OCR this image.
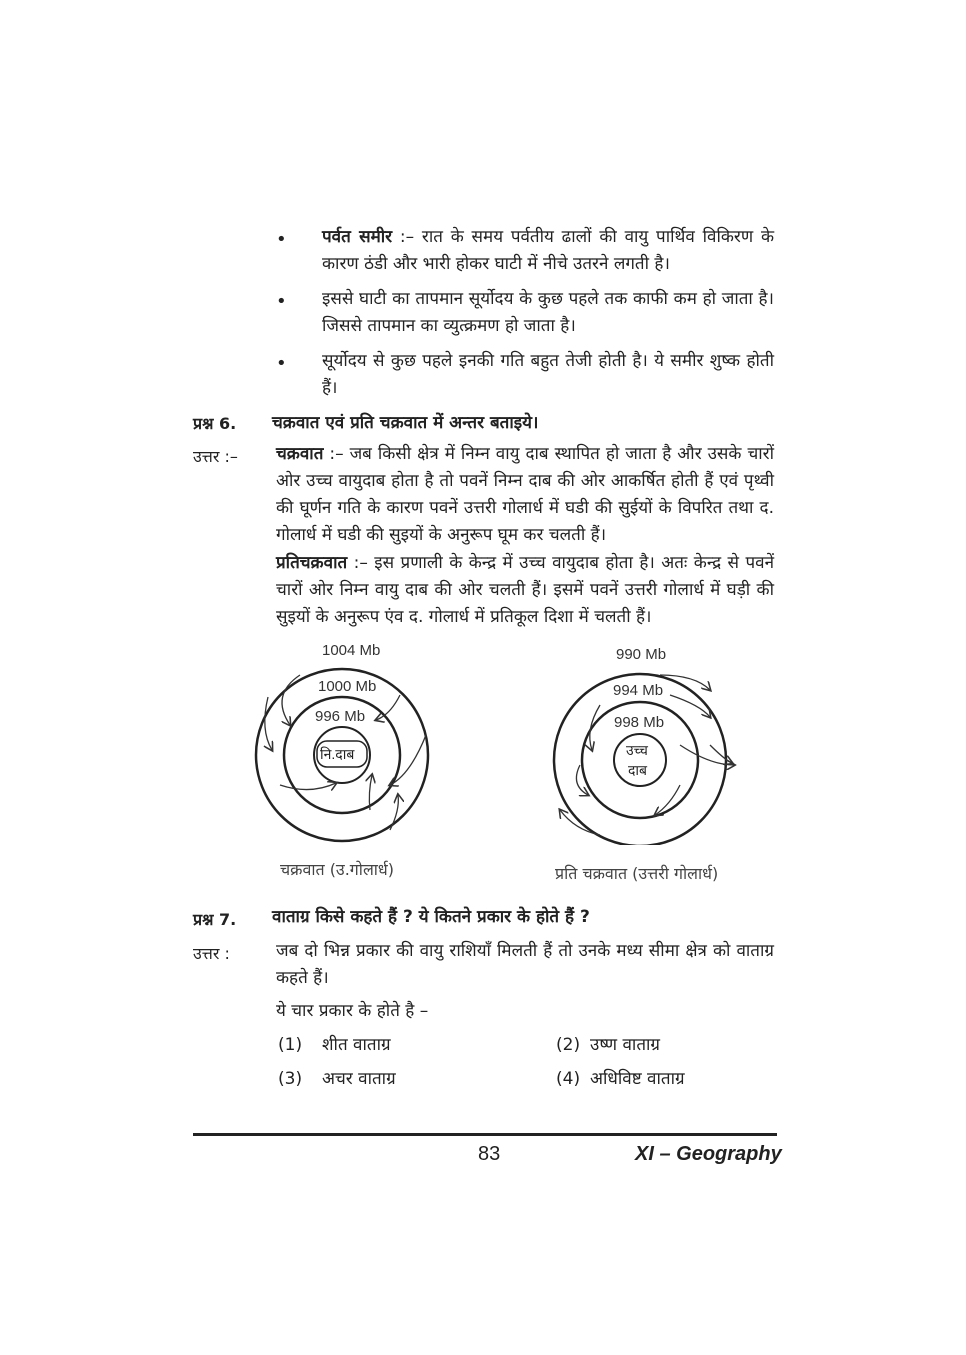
• पर्वत समीर :– रात के समय पर्वतीय ढालों की वायु पार्थिव विकिरण के कारण ठंडी और भारी होकर घाटी में नीचे उतरने लगती है।
• इससे घाटी का तापमान सूर्योदय के कुछ पहले तक काफी कम हो जाता है। जिससे तापमान का व्युत्क्रमण हो जाता है।
• सूर्योदय से कुछ पहले इनकी गति बहुत तेजी होती है। ये समीर शुष्क होती हैं।
प्रश्न 6. चक्रवात एवं प्रति चक्रवात में अन्तर बताइये।
उत्तर :– चक्रवात :– जब किसी क्षेत्र में निम्न वायु दाब स्थापित हो जाता है और उसके चारों ओर उच्च वायुदाब होता है तो पवनें निम्न दाब की ओर आकर्षित होती हैं एवं पृथ्वी की घूर्णन गति के कारण पवनें उत्तरी गोलार्ध में घडी की सुईयों के विपरित तथा द. गोलार्ध में घडी की सुइयों के अनुरूप घूम कर चलती हैं।
प्रतिचक्रवात :– इस प्रणाली के केन्द्र में उच्च वायुदाब होता है। अतः केन्द्र से पवनें चारों ओर निम्न वायु दाब की ओर चलती हैं। इसमें पवनें उत्तरी गोलार्ध में घड़ी की सुइयों के अनुरूप एंव द. गोलार्ध में प्रतिकूल दिशा में चलती हैं।
1004 Mb
1000 Mb
996 Mb
नि.दाब
990 Mb
994 Mb
998 Mb
उच्च
दाब
चक्रवात (उ.गोलार्ध)	प्रति चक्रवात (उत्तरी गोलार्ध)
प्रश्न 7. वाताग्र किसे कहते हैं ? ये कितने प्रकार के होते हैं ?
उत्तर :	जब दो भिन्न प्रकार की वायु राशियाँ मिलती हैं तो उनके मध्य सीमा क्षेत्र को वाताग्र कहते हैं।
ये चार प्रकार के होते है –
(1) शीत वाताग्र	(2) उष्ण वाताग्र
(3) अचर वाताग्र	(4) अधिविष्ट वाताग्र
83	XI – Geography
